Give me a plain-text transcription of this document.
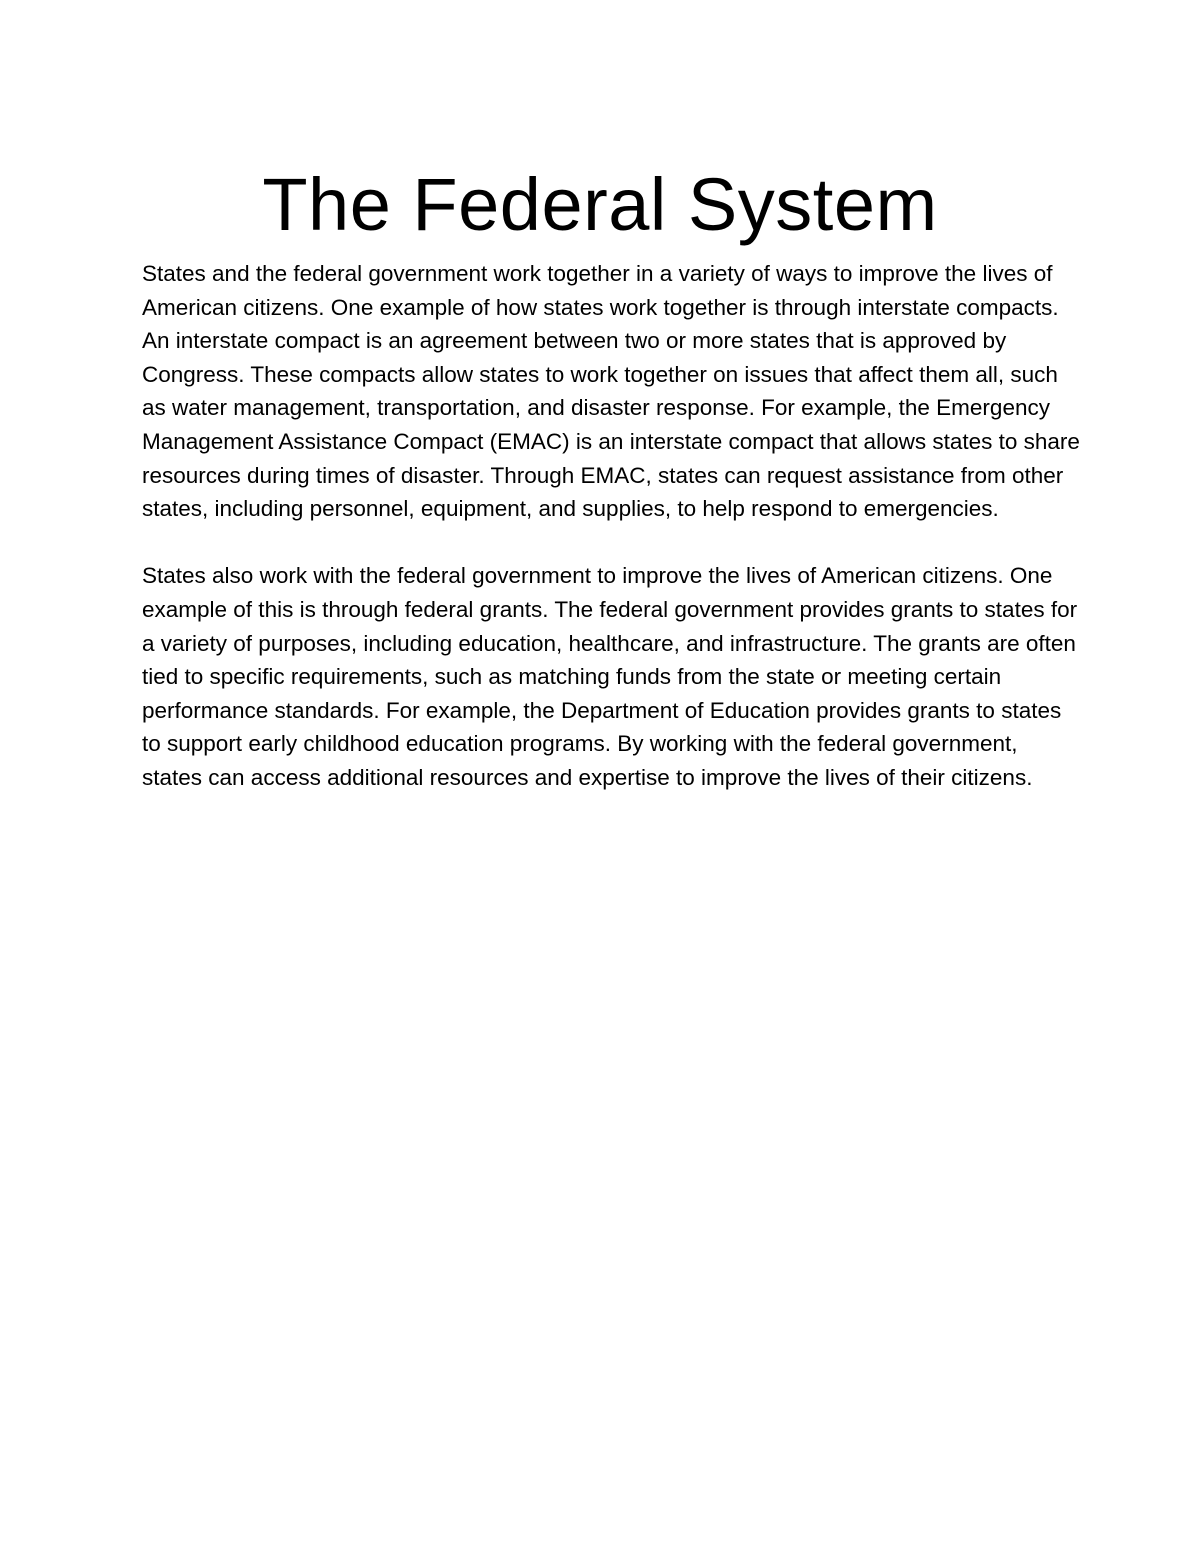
The Federal System

States and the federal government work together in a variety of ways to improve the lives of American citizens. One example of how states work together is through interstate compacts. An interstate compact is an agreement between two or more states that is approved by Congress. These compacts allow states to work together on issues that affect them all, such as water management, transportation, and disaster response. For example, the Emergency Management Assistance Compact (EMAC) is an interstate compact that allows states to share resources during times of disaster. Through EMAC, states can request assistance from other states, including personnel, equipment, and supplies, to help respond to emergencies.

States also work with the federal government to improve the lives of American citizens. One example of this is through federal grants. The federal government provides grants to states for a variety of purposes, including education, healthcare, and infrastructure. The grants are often tied to specific requirements, such as matching funds from the state or meeting certain performance standards. For example, the Department of Education provides grants to states to support early childhood education programs. By working with the federal government, states can access additional resources and expertise to improve the lives of their citizens.
